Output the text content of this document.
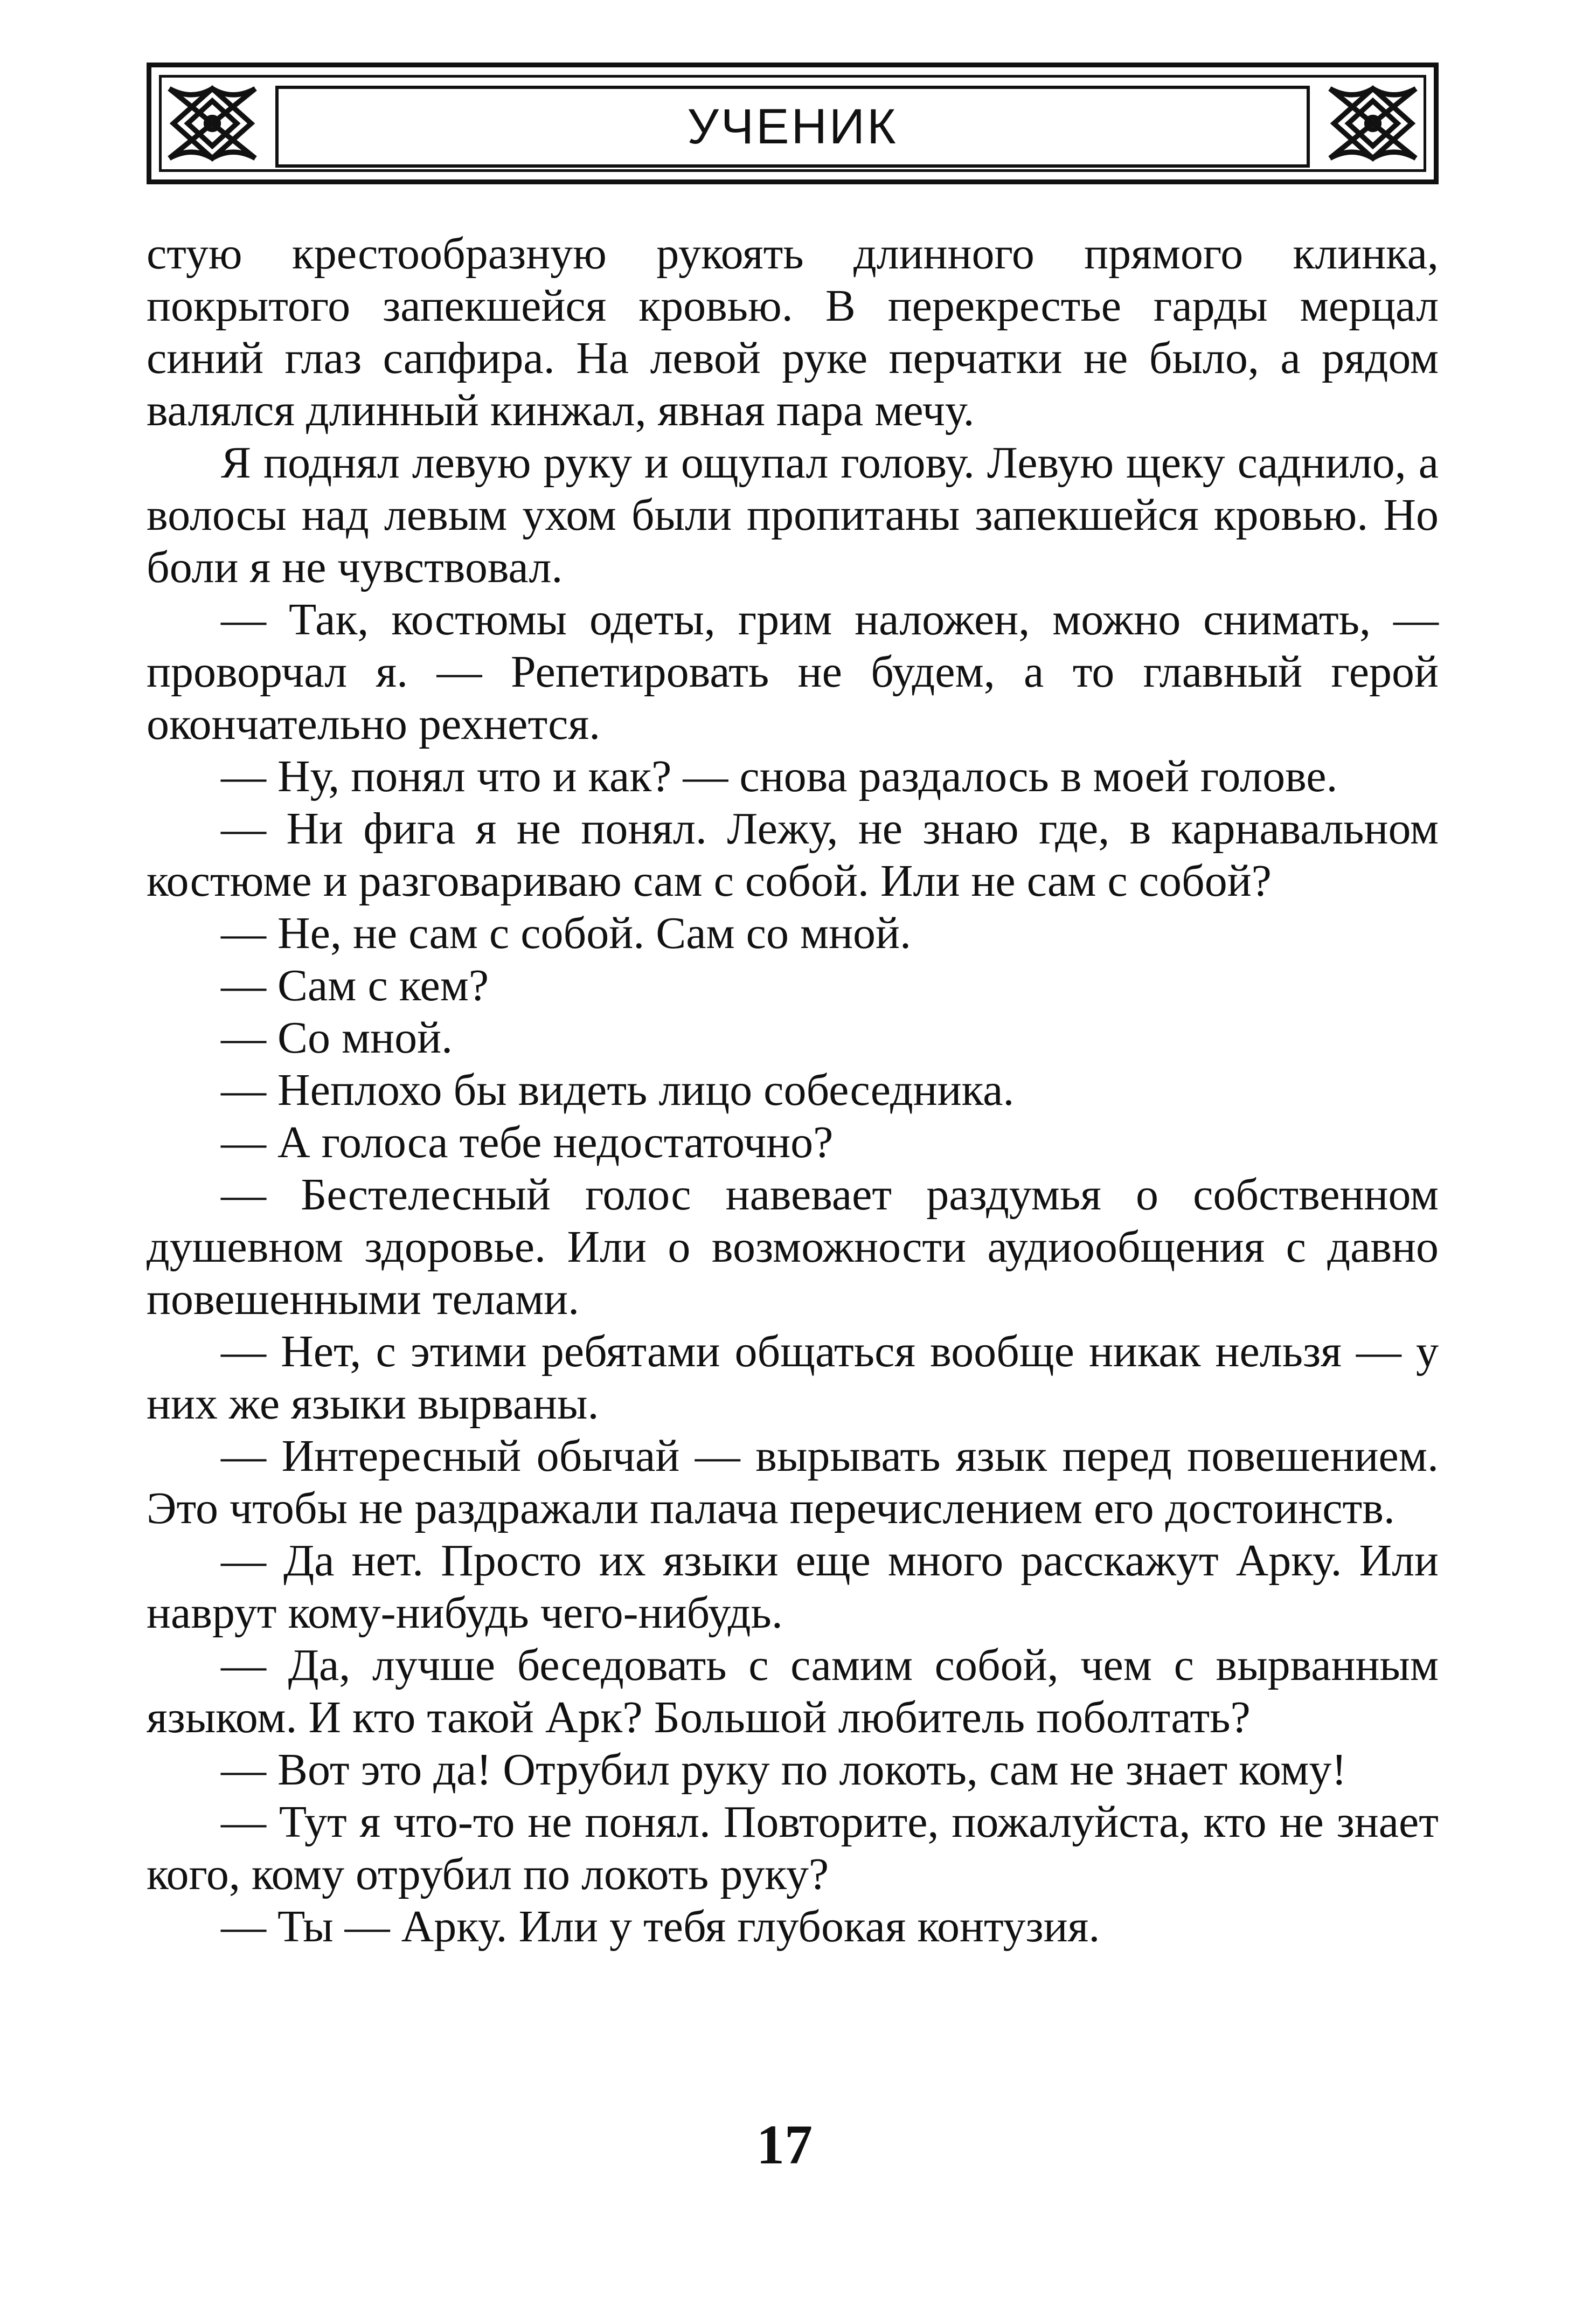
УЧЕНИК

стую крестообразную рукоять длинного прямого клинка, покрытого запекшейся кровью. В перекрестье гарды мерцал синий глаз сапфира. На левой руке перчатки не было, а рядом валялся длинный кинжал, явная пара мечу.

Я поднял левую руку и ощупал голову. Левую щеку саднило, а волосы над левым ухом были пропитаны запекшейся кровью. Но боли я не чувствовал.

— Так, костюмы одеты, грим наложен, можно снимать, — проворчал я. — Репетировать не будем, а то главный герой окончательно рехнется.

— Ну, понял что и как? — снова раздалось в моей голове.

— Ни фига я не понял. Лежу, не знаю где, в карнавальном костюме и разговариваю сам с собой. Или не сам с собой?

— Не, не сам с собой. Сам со мной.

— Сам с кем?

— Со мной.

— Неплохо бы видеть лицо собеседника.

— А голоса тебе недостаточно?

— Бестелесный голос навевает раздумья о собственном душевном здоровье. Или о возможности аудиообщения с давно повешенными телами.

— Нет, с этими ребятами общаться вообще никак нельзя — у них же языки вырваны.

— Интересный обычай — вырывать язык перед повешением. Это чтобы не раздражали палача перечислением его достоинств.

— Да нет. Просто их языки еще много расскажут Арку. Или наврут кому-нибудь чего-нибудь.

— Да, лучше беседовать с самим собой, чем с вырванным языком. И кто такой Арк? Большой любитель поболтать?

— Вот это да! Отрубил руку по локоть, сам не знает кому!

— Тут я что-то не понял. Повторите, пожалуйста, кто не знает кого, кому отрубил по локоть руку?

— Ты — Арку. Или у тебя глубокая контузия.

17
